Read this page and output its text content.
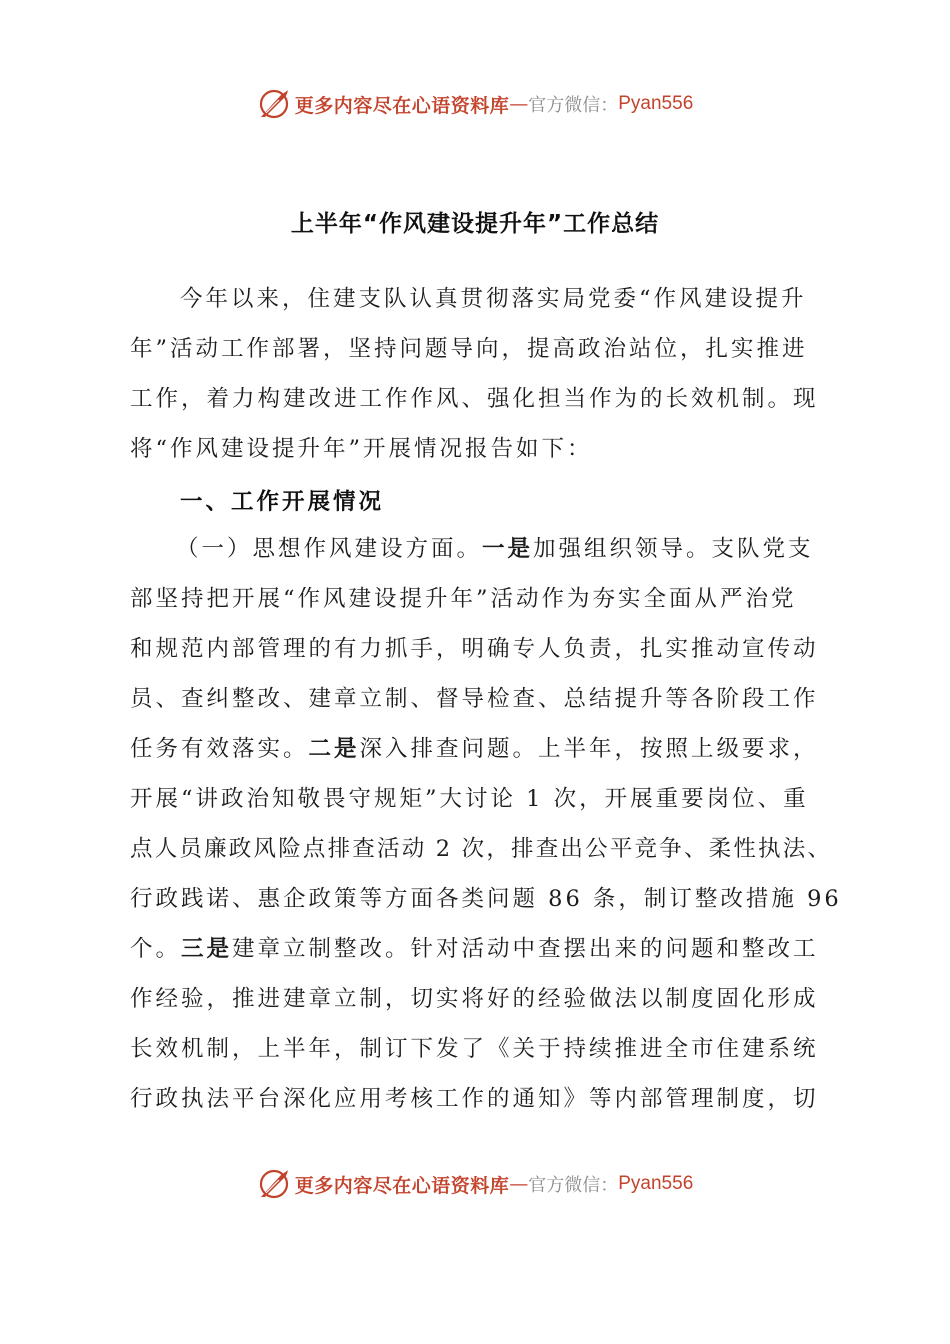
更多内容尽在心语资料库 — 官方微信： Pyan556
上半年“作风建设提升年”工作总结
今年以来，住建支队认真贯彻落实局党委“作风建设提升
年”活动工作部署，坚持问题导向，提高政治站位，扎实推进
工作，着力构建改进工作作风、强化担当作为的长效机制。现
将“作风建设提升年”开展情况报告如下：
一、工作开展情况
（一）思想作风建设方面。一是加强组织领导。支队党支
部坚持把开展“作风建设提升年”活动作为夯实全面从严治党
和规范内部管理的有力抓手，明确专人负责，扎实推动宣传动
员、查纠整改、建章立制、督导检查、总结提升等各阶段工作
任务有效落实。二是深入排查问题。上半年，按照上级要求，
开展“讲政治知敬畏守规矩”大讨论 1 次，开展重要岗位、重
点人员廉政风险点排查活动 2 次，排查出公平竞争、柔性执法、
行政践诺、惠企政策等方面各类问题 86 条，制订整改措施 96
个。三是建章立制整改。针对活动中查摆出来的问题和整改工
作经验，推进建章立制，切实将好的经验做法以制度固化形成
长效机制，上半年，制订下发了《关于持续推进全市住建系统
行政执法平台深化应用考核工作的通知》等内部管理制度，切
更多内容尽在心语资料库 — 官方微信： Pyan556
